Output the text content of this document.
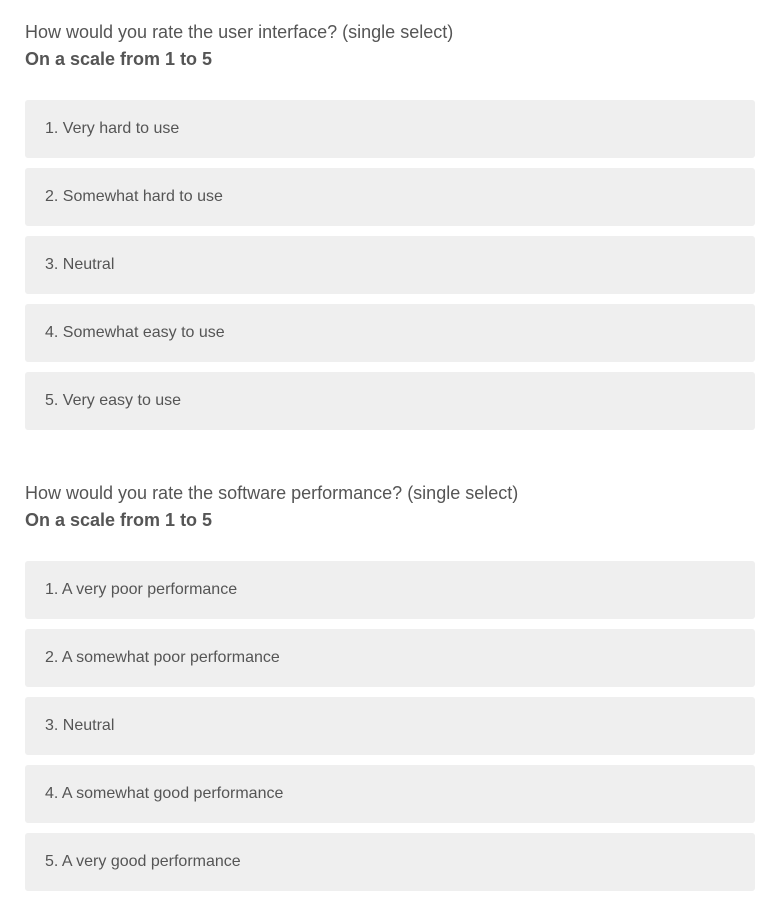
How would you rate the user interface? (single select)

On a scale from 1 to 5

1. Very hard to use
2. Somewhat hard to use
3. Neutral
4. Somewhat easy to use
5. Very easy to use

How would you rate the software performance? (single select)

On a scale from 1 to 5

1. A very poor performance
2. A somewhat poor performance
3. Neutral
4. A somewhat good performance
5. A very good performance
